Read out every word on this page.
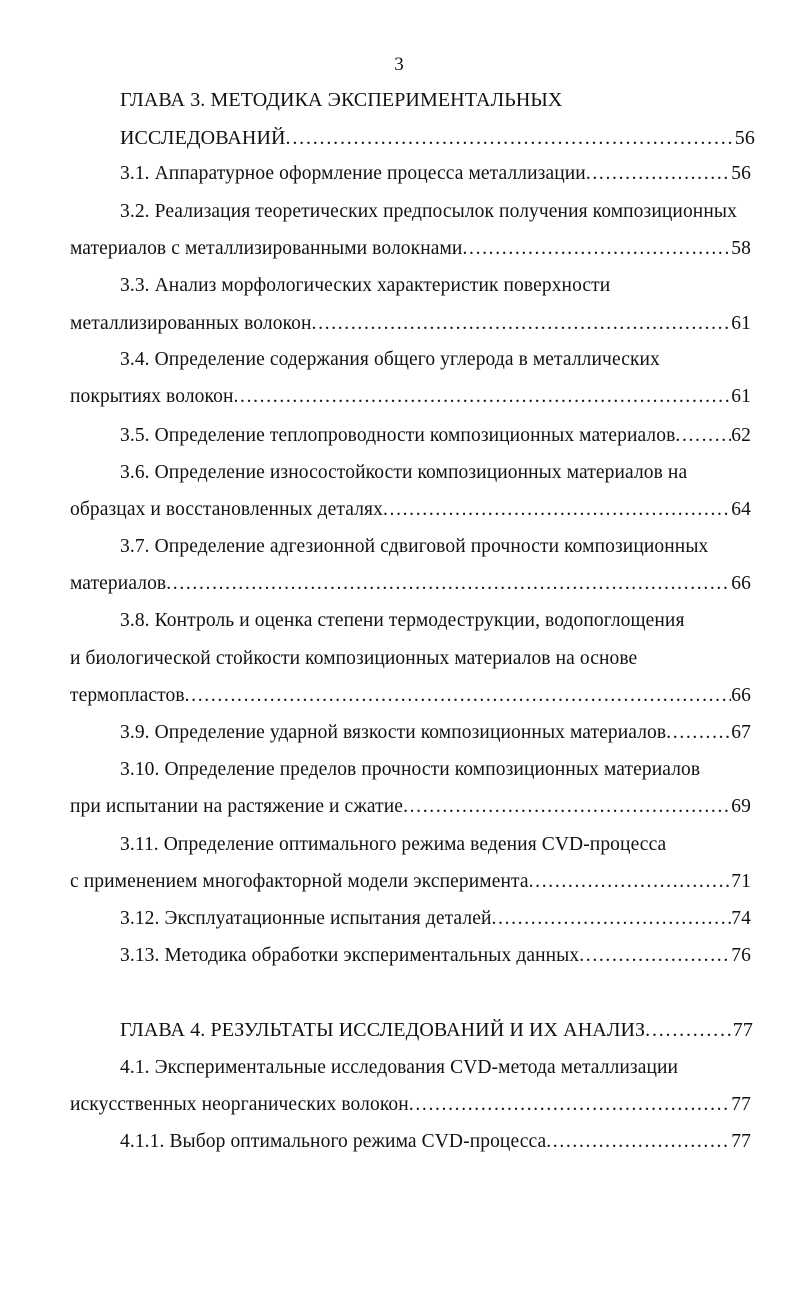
3
ГЛАВА 3. МЕТОДИКА ЭКСПЕРИМЕНТАЛЬНЫХ
ИССЛЕДОВАНИЙ . . .	56
3.1. Аппаратурное оформление процесса металлизации . . .	56
3.2. Реализация теоретических предпосылок получения композиционных
материалов с металлизированными волокнами . . .	58
3.3. Анализ морфологических характеристик поверхности
металлизированных волокон . . .	61
3.4. Определение содержания общего углерода в металлических
покрытиях волокон . . .	61
3.5. Определение теплопроводности композиционных материалов . . .	62
3.6. Определение износостойкости композиционных материалов на
образцах и восстановленных деталях . . .	64
3.7. Определение адгезионной сдвиговой прочности композиционных
материалов . . .	66
3.8. Контроль и оценка степени термодеструкции, водопоглощения
и биологической стойкости композиционных материалов на основе
термопластов . . .	66
3.9. Определение ударной вязкости композиционных материалов . . .	67
3.10. Определение пределов прочности композиционных материалов
при испытании на растяжение и сжатие . . .	69
3.11. Определение оптимального режима ведения CVD-процесса
с применением многофакторной модели эксперимента . . .	71
3.12. Эксплуатационные испытания деталей . . .	74
3.13. Методика обработки экспериментальных данных . . .	76
ГЛАВА 4. РЕЗУЛЬТАТЫ ИССЛЕДОВАНИЙ И ИХ АНАЛИЗ . . .	77
4.1. Экспериментальные исследования CVD-метода металлизации
искусственных неорганических волокон . . .	77
4.1.1. Выбор оптимального режима CVD-процесса . . .	77
